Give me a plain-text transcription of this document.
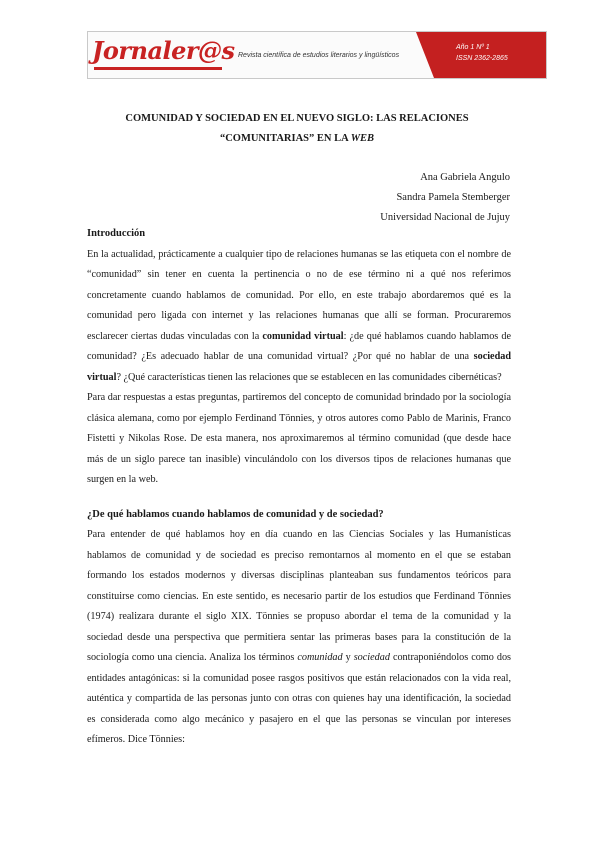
Jornaler@s Revista científica de estudios literarios y lingüísticos
Año 1 Nº 1
ISSN 2362-2865
COMUNIDAD Y SOCIEDAD EN EL NUEVO SIGLO: LAS RELACIONES
“COMUNITARIAS” EN LA WEB
Ana Gabriela Angulo
Sandra Pamela Stemberger
Universidad Nacional de Jujuy
Introducción

En la actualidad, prácticamente a cualquier tipo de relaciones humanas se las etiqueta con el nombre de “comunidad” sin tener en cuenta la pertinencia o no de ese término ni a qué nos referimos concretamente cuando hablamos de comunidad. Por ello, en este trabajo abordaremos qué es la comunidad pero ligada con internet y las relaciones humanas que allí se forman. Procuraremos esclarecer ciertas dudas vinculadas con la comunidad virtual: ¿de qué hablamos cuando hablamos de comunidad? ¿Es adecuado hablar de una comunidad virtual? ¿Por qué no hablar de una sociedad virtual? ¿Qué características tienen las relaciones que se establecen en las comunidades cibernéticas?

Para dar respuestas a estas preguntas, partiremos del concepto de comunidad brindado por la sociología clásica alemana, como por ejemplo Ferdinand Tönnies, y otros autores como Pablo de Marinis, Franco Fistetti y Nikolas Rose. De esta manera, nos aproximaremos al término comunidad (que desde hace más de un siglo parece tan inasible) vinculándolo con los diversos tipos de relaciones humanas que surgen en la web.

¿De qué hablamos cuando hablamos de comunidad y de sociedad?

Para entender de qué hablamos hoy en día cuando en las Ciencias Sociales y las Humanísticas hablamos de comunidad y de sociedad es preciso remontarnos al momento en el que se estaban formando los estados modernos y diversas disciplinas planteaban sus fundamentos teóricos para constituirse como ciencias. En este sentido, es necesario partir de los estudios que Ferdinand Tönnies (1974) realizara durante el siglo XIX. Tönnies se propuso abordar el tema de la comunidad y la sociedad desde una perspectiva que permitiera sentar las primeras bases para la constitución de la sociología como una ciencia. Analiza los términos comunidad y sociedad contraponiéndolos como dos entidades antagónicas: si la comunidad posee rasgos positivos que están relacionados con la vida real, auténtica y compartida de las personas junto con otras con quienes hay una identificación, la sociedad es considerada como algo mecánico y pasajero en el que las personas se vinculan por intereses efímeros. Dice Tönnies:
